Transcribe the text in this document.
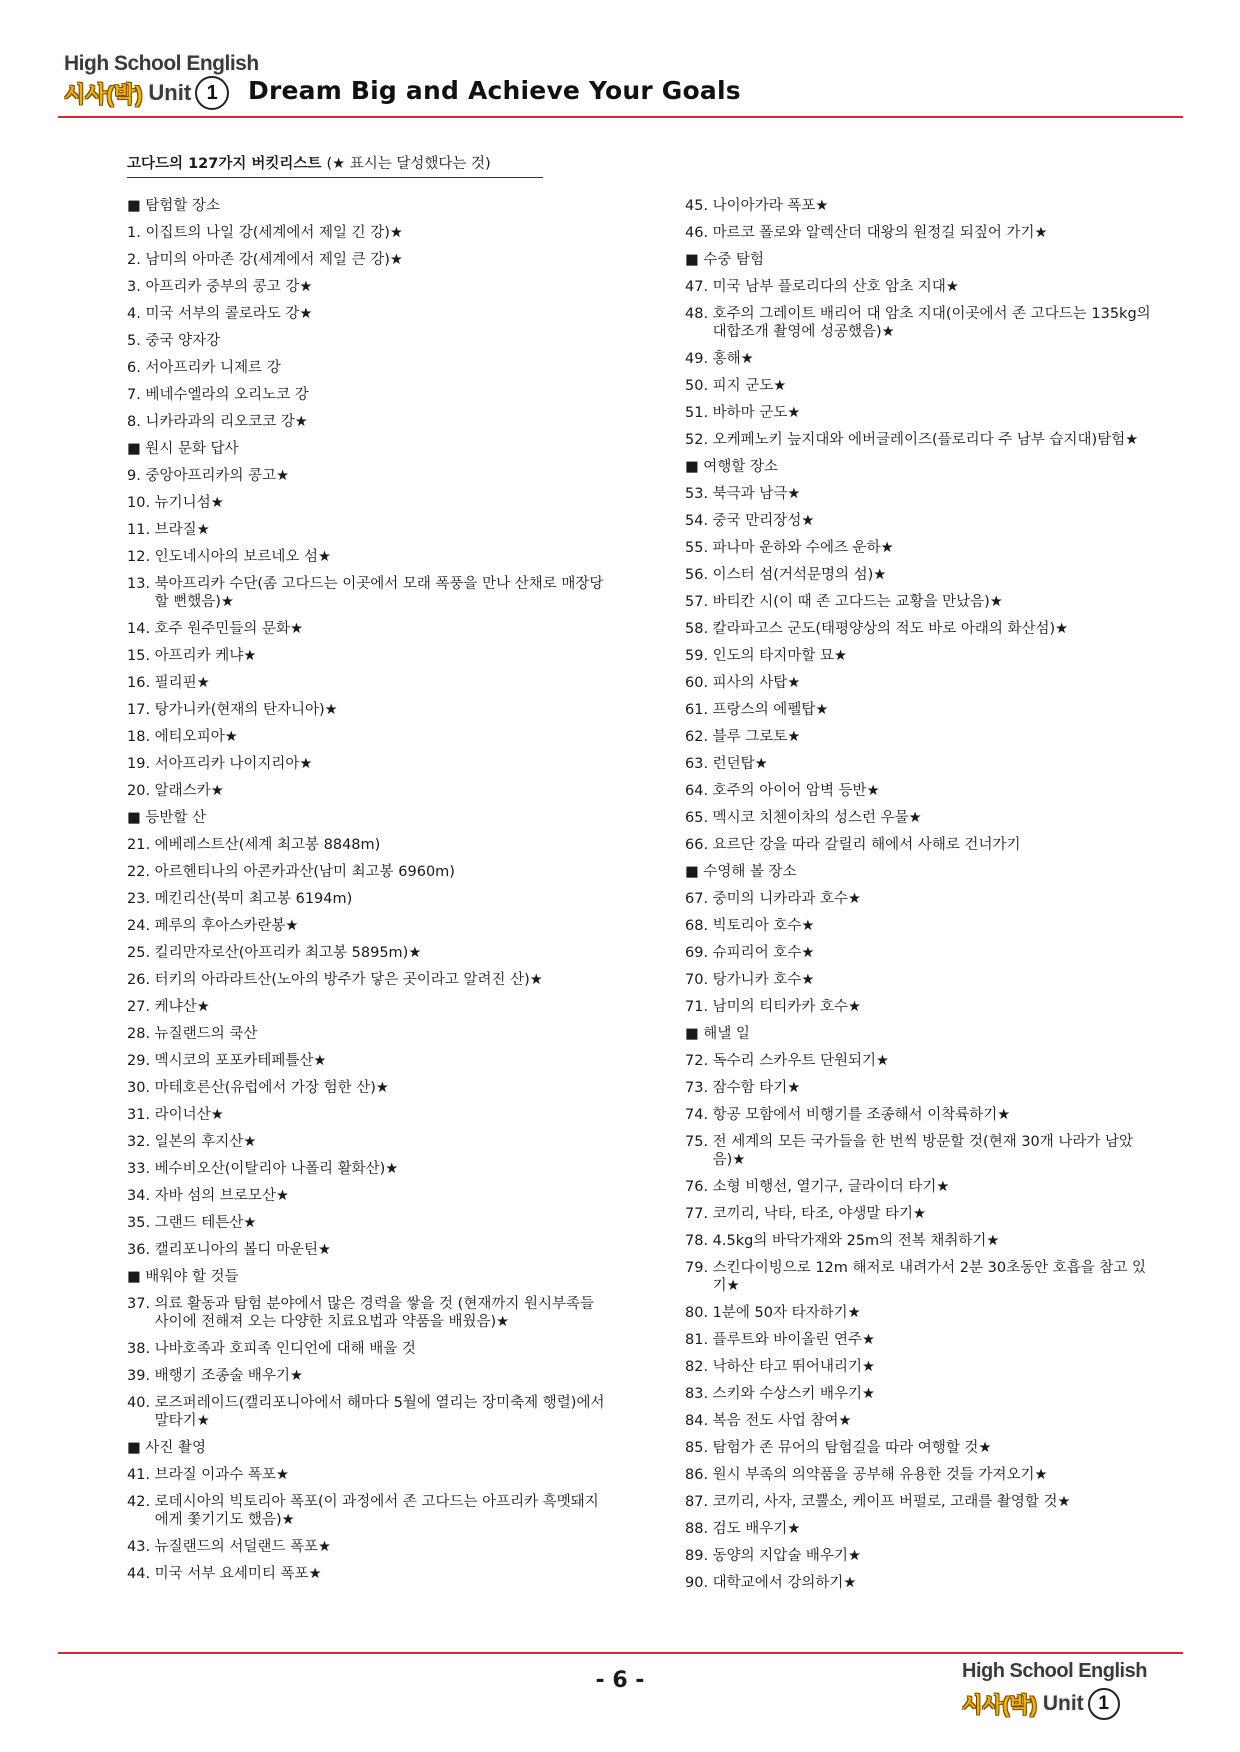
High School English
시사(박) Unit 1	Dream Big and Achieve Your Goals
고다드의 127가지 버킷리스트 (★ 표시는 달성했다는 것)
■ 탐험할 장소
1. 이집트의 나일 강(세계에서 제일 긴 강)★
2. 남미의 아마존 강(세계에서 제일 큰 강)★
3. 아프리카 중부의 콩고 강★
4. 미국 서부의 콜로라도 강★
5. 중국 양자강
6. 서아프리카 니제르 강
7. 베네수엘라의 오리노코 강
8. 니카라과의 리오코코 강★
■ 원시 문화 답사
9. 중앙아프리카의 콩고★
10. 뉴기니섬★
11. 브라질★
12. 인도네시아의 보르네오 섬★
13. 북아프리카 수단(좀 고다드는 이곳에서 모래 폭풍을 만나 산채로 매장당할 뻔했음)★
14. 호주 원주민들의 문화★
15. 아프리카 케냐★
16. 필리핀★
17. 탕가니카(현재의 탄자니아)★
18. 에티오피아★
19. 서아프리카 나이지리아★
20. 알래스카★
■ 등반할 산
21. 에베레스트산(세계 최고봉 8848m)
22. 아르헨티나의 아콘카과산(남미 최고봉 6960m)
23. 메킨리산(북미 최고봉 6194m)
24. 페루의 후아스카란봉★
25. 킬리만자로산(아프리카 최고봉 5895m)★
26. 터키의 아라라트산(노아의 방주가 닿은 곳이라고 알려진 산)★
27. 케냐산★
28. 뉴질랜드의 쿡산
29. 멕시코의 포포카테페틀산★
30. 마테호른산(유럽에서 가장 험한 산)★
31. 라이너산★
32. 일본의 후지산★
33. 베수비오산(이탈리아 나폴리 활화산)★
34. 자바 섬의 브로모산★
35. 그랜드 테튼산★
36. 캘리포니아의 볼디 마운틴★
■ 배워야 할 것들
37. 의료 활동과 탐험 분야에서 많은 경력을 쌓을 것 (현재까지 원시부족들 사이에 전해져 오는 다양한 치료요법과 약품을 배웠음)★
38. 나바호족과 호피족 인디언에 대해 배울 것
39. 배행기 조종술 배우기★
40. 로즈퍼레이드(캘리포니아에서 해마다 5월에 열리는 장미축제 행렬)에서 말타기★
■ 사진 촬영
41. 브라질 이과수 폭포★
42. 로데시아의 빅토리아 폭포(이 과정에서 존 고다드는 아프리카 흑멧돼지에게 쫓기기도 했음)★
43. 뉴질랜드의 서덜랜드 폭포★
44. 미국 서부 요세미티 폭포★
45. 나이아가라 폭포★
46. 마르코 폴로와 알렉산더 대왕의 원정길 되짚어 가기★
■ 수중 탐험
47. 미국 남부 플로리다의 산호 암초 지대★
48. 호주의 그레이트 배리어 대 암초 지대(이곳에서 존 고다드는 135kg의 대합조개 촬영에 성공했음)★
49. 홍해★
50. 피지 군도★
51. 바하마 군도★
52. 오케페노키 늪지대와 에버글레이즈(플로리다 주 남부 습지대)탐험★
■ 여행할 장소
53. 북극과 남극★
54. 중국 만리장성★
55. 파나마 운하와 수에즈 운하★
56. 이스터 섬(거석문명의 섬)★
57. 바티칸 시(이 때 존 고다드는 교황을 만났음)★
58. 칼라파고스 군도(태평양상의 적도 바로 아래의 화산섬)★
59. 인도의 타지마할 묘★
60. 피사의 사탑★
61. 프랑스의 에펠탑★
62. 블루 그로토★
63. 런던탑★
64. 호주의 아이어 암벽 등반★
65. 멕시코 치첸이차의 성스런 우물★
66. 요르단 강을 따라 갈릴리 해에서 사해로 건너가기
■ 수영해 볼 장소
67. 중미의 니카라과 호수★
68. 빅토리아 호수★
69. 슈피리어 호수★
70. 탕가니카 호수★
71. 남미의 티티카카 호수★
■ 해낼 일
72. 독수리 스카우트 단원되기★
73. 잠수함 타기★
74. 항공 모함에서 비행기를 조종해서 이착륙하기★
75. 전 세계의 모든 국가들을 한 번씩 방문할 것(현재 30개 나라가 남았음)★
76. 소형 비행선, 열기구, 글라이더 타기★
77. 코끼리, 낙타, 타조, 야생말 타기★
78. 4.5kg의 바닥가재와 25m의 전복 채취하기★
79. 스킨다이빙으로 12m 해저로 내려가서 2분 30초동안 호흡을 참고 있기★
80. 1분에 50자 타자하기★
81. 플루트와 바이올린 연주★
82. 낙하산 타고 뛰어내리기★
83. 스키와 수상스키 배우기★
84. 복음 전도 사업 참여★
85. 탐험가 존 뮤어의 탐험길을 따라 여행할 것★
86. 원시 부족의 의약품을 공부해 유용한 것들 가져오기★
87. 코끼리, 사자, 코뿔소, 케이프 버펄로, 고래를 촬영할 것★
88. 검도 배우기★
89. 동양의 지압술 배우기★
90. 대학교에서 강의하기★
- 6 -	High School English
시사(박) Unit 1
